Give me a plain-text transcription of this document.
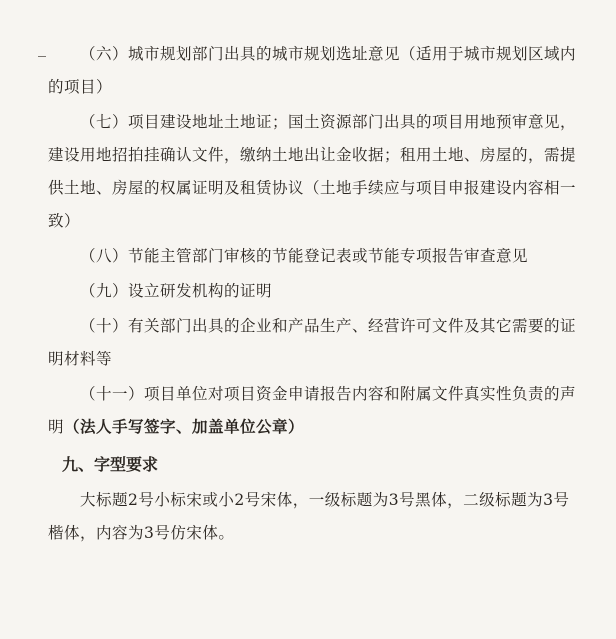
（六）城市规划部门出具的城市规划选址意见（适用于城市规划区域内的项目）

（七）项目建设地址土地证；国土资源部门出具的项目用地预审意见，建设用地招拍挂确认文件，缴纳土地出让金收据；租用土地、房屋的，需提供土地、房屋的权属证明及租赁协议（土地手续应与项目申报建设内容相一致）

（八）节能主管部门审核的节能登记表或节能专项报告审查意见

（九）设立研发机构的证明

（十）有关部门出具的企业和产品生产、经营许可文件及其它需要的证明材料等

（十一）项目单位对项目资金申请报告内容和附属文件真实性负责的声明（法人手写签字、加盖单位公章）

九、字型要求

大标题2号小标宋或小2号宋体，一级标题为3号黑体，二级标题为3号楷体，内容为3号仿宋体。
